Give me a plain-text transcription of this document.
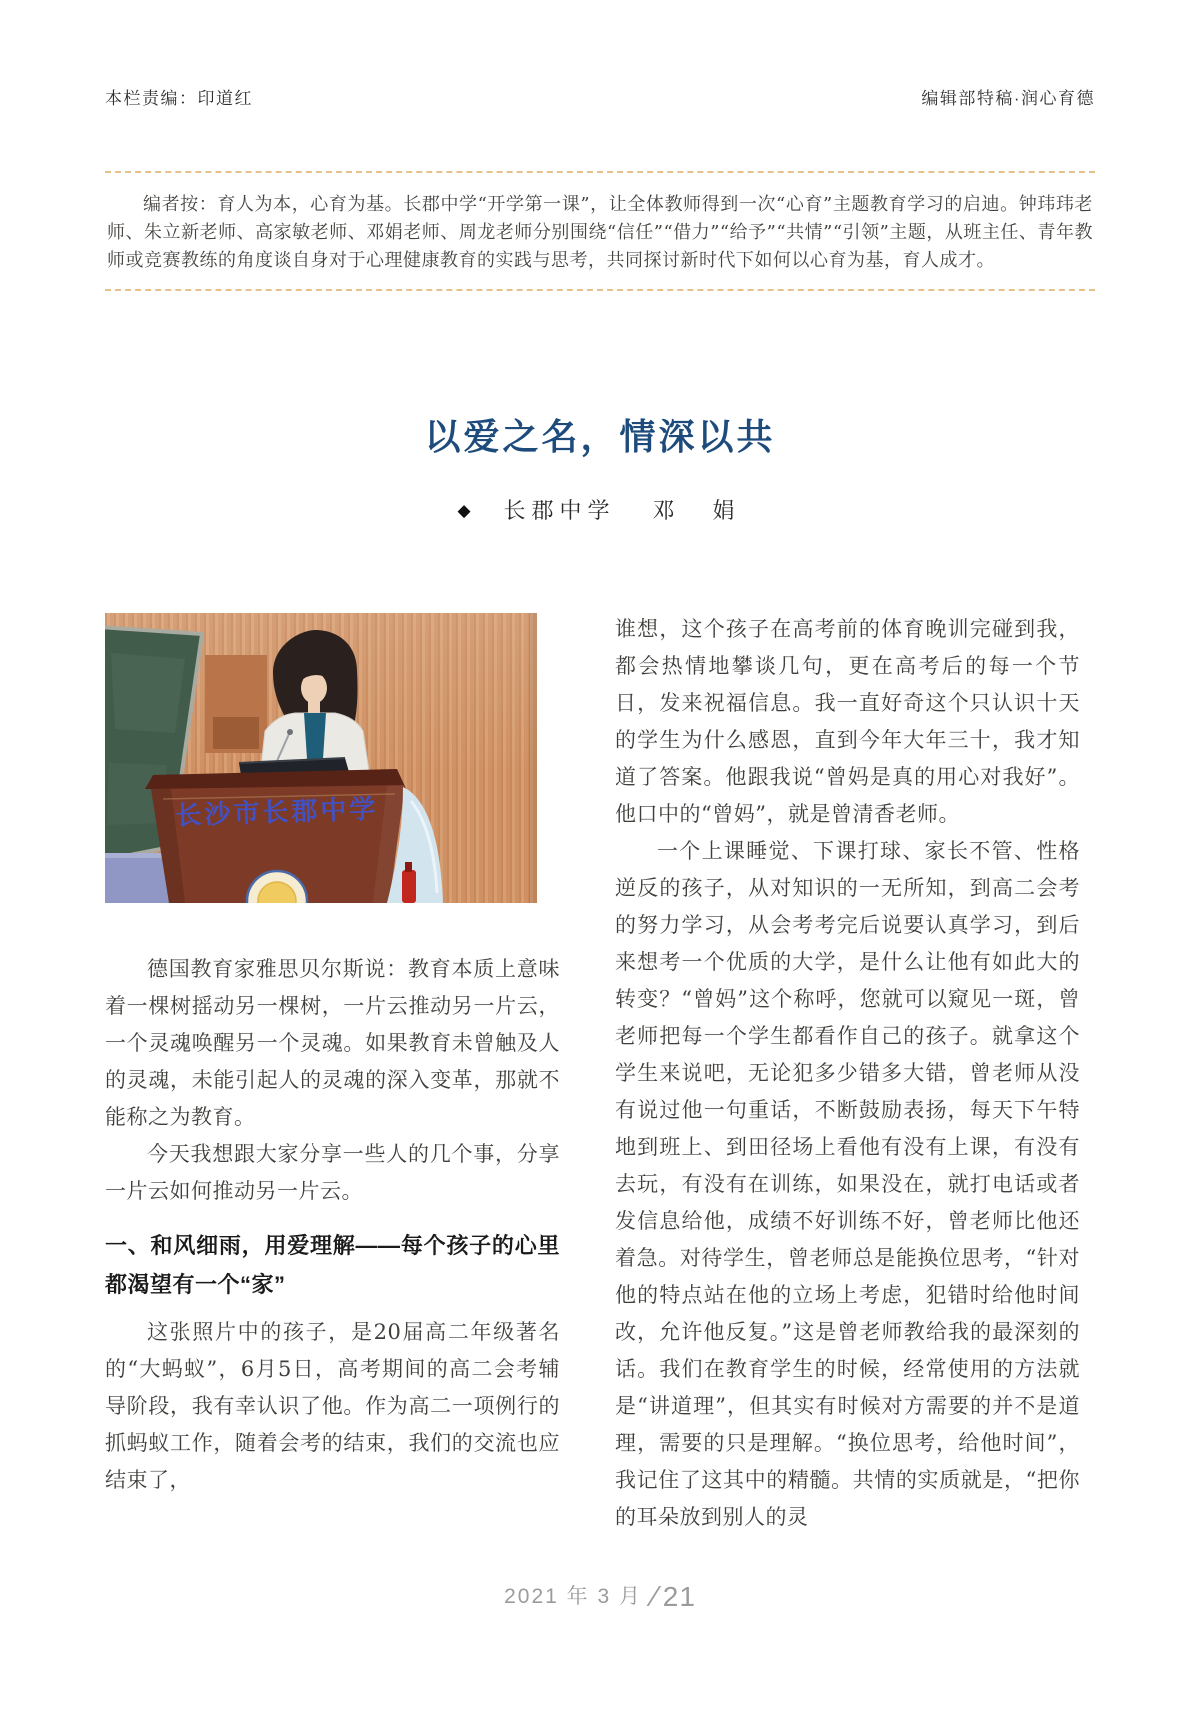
本栏责编：印道红	编辑部特稿·润心育德

编者按：育人为本，心育为基。长郡中学“开学第一课”，让全体教师得到一次“心育”主题教育学习的启迪。钟玮玮老师、朱立新老师、高家敏老师、邓娟老师、周龙老师分别围绕“信任”“借力”“给予”“共情”“引领”主题，从班主任、青年教师或竞赛教练的角度谈自身对于心理健康教育的实践与思考，共同探讨新时代下如何以心育为基，育人成才。

以爱之名，情深以共
◆ 长郡中学 邓　娟
长沙市长郡中学

德国教育家雅思贝尔斯说：教育本质上意味着一棵树摇动另一棵树，一片云推动另一片云，一个灵魂唤醒另一个灵魂。如果教育未曾触及人的灵魂，未能引起人的灵魂的深入变革，那就不能称之为教育。

今天我想跟大家分享一些人的几个事，分享一片云如何推动另一片云。

一、和风细雨，用爱理解——每个孩子的心里都渴望有一个“家”

这张照片中的孩子，是20届高二年级著名的“大蚂蚁”，6月5日，高考期间的高二会考辅导阶段，我有幸认识了他。作为高二一项例行的抓蚂蚁工作，随着会考的结束，我们的交流也应结束了，

谁想，这个孩子在高考前的体育晚训完碰到我，都会热情地攀谈几句，更在高考后的每一个节日，发来祝福信息。我一直好奇这个只认识十天的学生为什么感恩，直到今年大年三十，我才知道了答案。他跟我说“曾妈是真的用心对我好”。他口中的“曾妈”，就是曾清香老师。

一个上课睡觉、下课打球、家长不管、性格逆反的孩子，从对知识的一无所知，到高二会考的努力学习，从会考考完后说要认真学习，到后来想考一个优质的大学，是什么让他有如此大的转变？“曾妈”这个称呼，您就可以窥见一斑，曾老师把每一个学生都看作自己的孩子。就拿这个学生来说吧，无论犯多少错多大错，曾老师从没有说过他一句重话，不断鼓励表扬，每天下午特地到班上、到田径场上看他有没有上课，有没有去玩，有没有在训练，如果没在，就打电话或者发信息给他，成绩不好训练不好，曾老师比他还着急。对待学生，曾老师总是能换位思考，“针对他的特点站在他的立场上考虑，犯错时给他时间改，允许他反复。”这是曾老师教给我的最深刻的话。我们在教育学生的时候，经常使用的方法就是“讲道理”，但其实有时候对方需要的并不是道理，需要的只是理解。“换位思考，给他时间”，我记住了这其中的精髓。共情的实质就是，“把你的耳朵放到别人的灵

2021 年 3 月 ∕ 21
